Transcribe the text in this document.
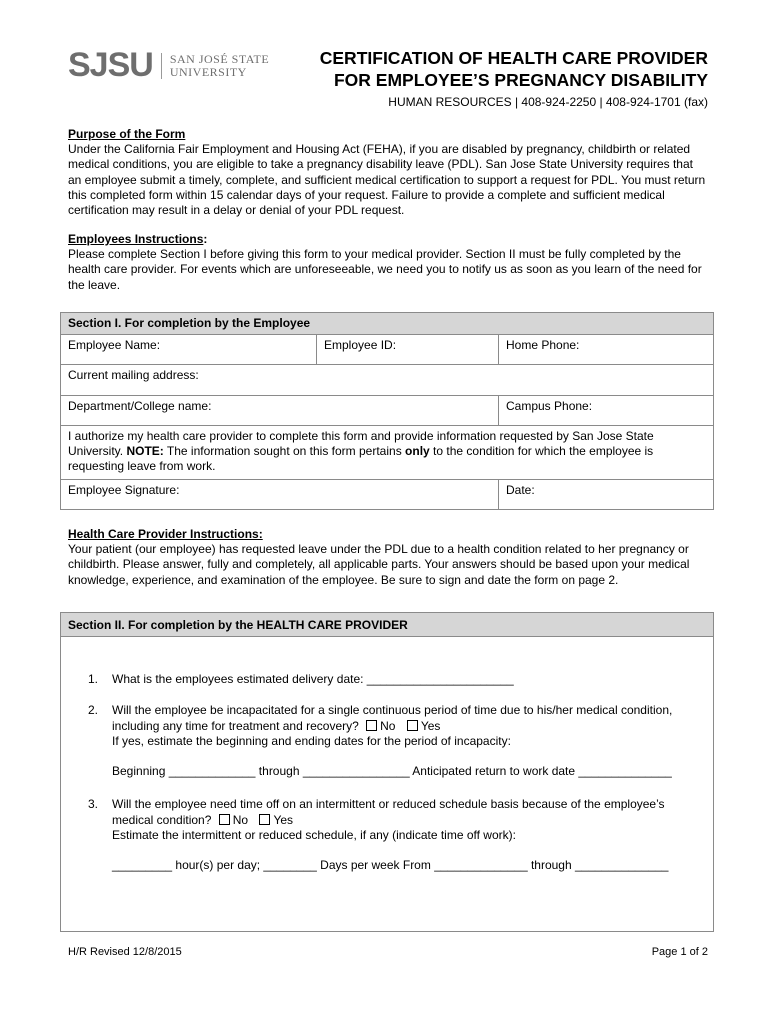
SJSU	SAN JOSÉ STATE
UNIVERSITY
CERTIFICATION OF HEALTH CARE PROVIDER
FOR EMPLOYEE’S PREGNANCY DISABILITY
HUMAN RESOURCES | 408-924-2250 | 408-924-1701 (fax)
Purpose of the Form
Under the California Fair Employment and Housing Act (FEHA), if you are disabled by pregnancy, childbirth or related medical conditions, you are eligible to take a pregnancy disability leave (PDL). San Jose State University requires that an employee submit a timely, complete, and sufficient medical certification to support a request for PDL. You must return this completed form within 15 calendar days of your request. Failure to provide a complete and sufficient medical certification may result in a delay or denial of your PDL request.
Employees Instructions:
Please complete Section I before giving this form to your medical provider. Section II must be fully completed by the health care provider. For events which are unforeseeable, we need you to notify us as soon as you learn of the need for the leave.
Section I. For completion by the Employee		
Employee Name:	Employee ID:	Home Phone:
Current mailing address:		
Department/College name:		Campus Phone:
I authorize my health care provider to complete this form and provide information requested by San Jose State University. NOTE: The information sought on this form pertains only to the condition for which the employee is requesting leave from work.		
Employee Signature:		Date:
Health Care Provider Instructions:
Your patient (our employee) has requested leave under the PDL due to a health condition related to her pregnancy or childbirth. Please answer, fully and completely, all applicable parts. Your answers should be based upon your medical knowledge, experience, and examination of the employee. Be sure to sign and date the form on page 2.
Section II. For completion by the HEALTH CARE PROVIDER
1. What is the employees estimated delivery date: ______________________
2. Will the employee be incapacitated for a single continuous period of time due to his/her medical condition,
including any time for treatment and recovery? No Yes
If yes, estimate the beginning and ending dates for the period of incapacity:
Beginning _____________ through ________________ Anticipated return to work date ______________
3. Will the employee need time off on an intermittent or reduced schedule basis because of the employee’s
medical condition? No Yes
Estimate the intermittent or reduced schedule, if any (indicate time off work):
_________ hour(s) per day; ________ Days per week From ______________ through ______________
H/R Revised 12/8/2015	Page 1 of 2
